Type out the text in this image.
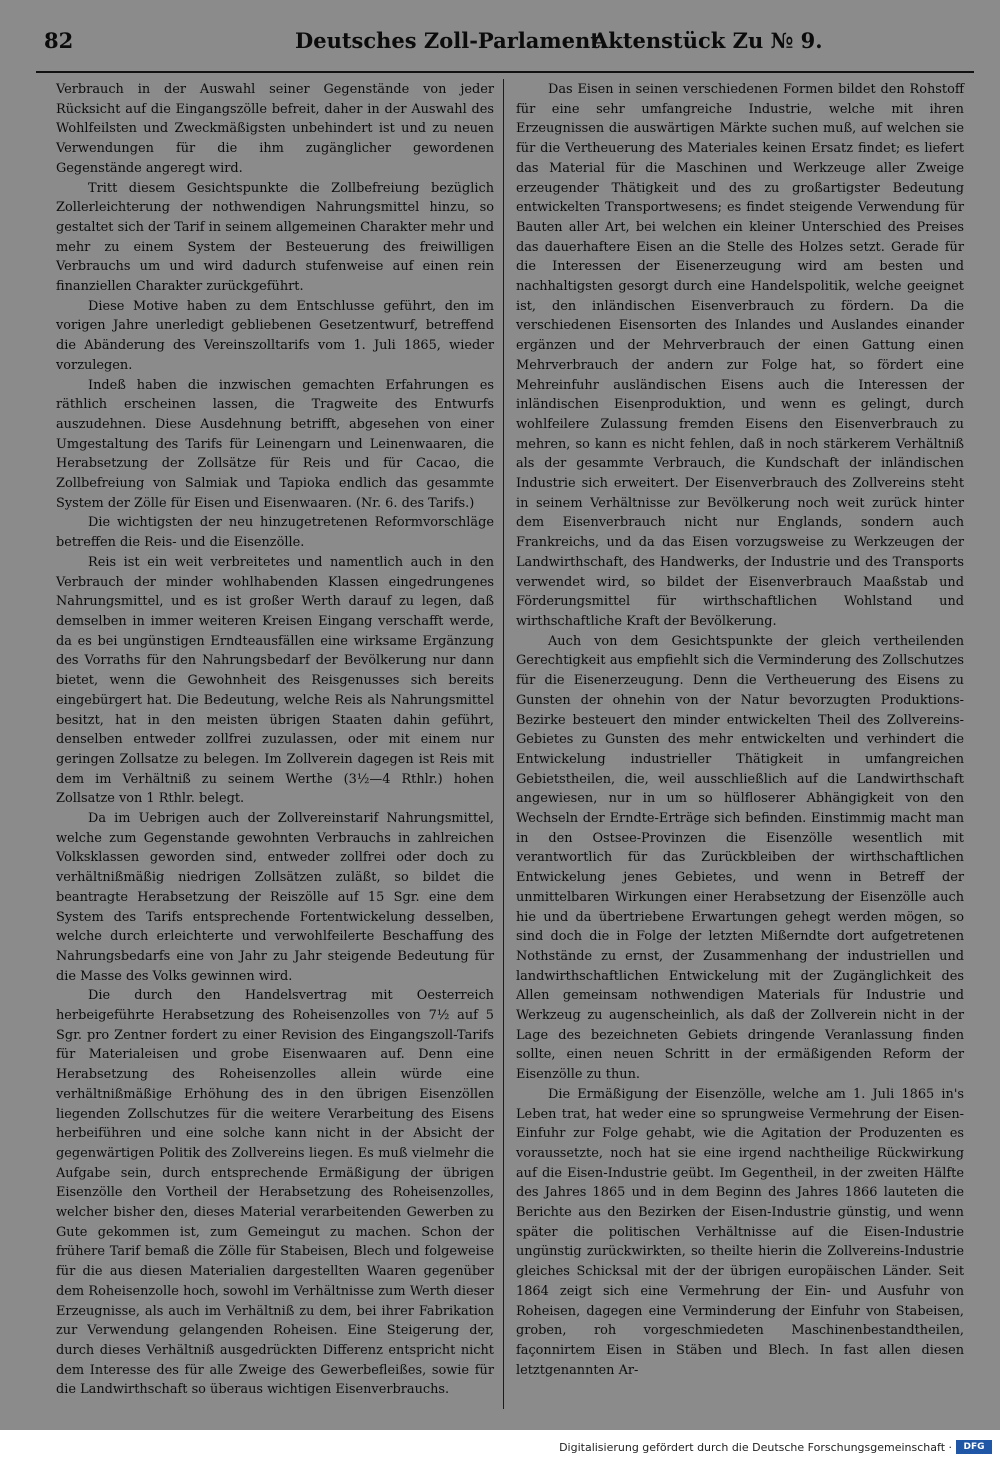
82	Deutsches Zoll-Parlament.
Aktenstück Zu № 9.

Verbrauch in der Auswahl seiner Gegenstände von jeder Rücksicht auf die Eingangszölle befreit, daher in der Auswahl des Wohlfeilsten und Zweckmäßigsten unbehindert ist und zu neuen Verwendungen für die ihm zugänglicher gewordenen Gegenstände angeregt wird.

Tritt diesem Gesichtspunkte die Zollbefreiung bezüglich Zollerleichterung der nothwendigen Nahrungsmittel hinzu, so gestaltet sich der Tarif in seinem allgemeinen Charakter mehr und mehr zu einem System der Besteuerung des freiwilligen Verbrauchs um und wird dadurch stufenweise auf einen rein finanziellen Charakter zurückgeführt.

Diese Motive haben zu dem Entschlusse geführt, den im vorigen Jahre unerledigt gebliebenen Gesetzentwurf, betreffend die Abänderung des Vereinszolltarifs vom 1. Juli 1865, wieder vorzulegen.

Indeß haben die inzwischen gemachten Erfahrungen es räthlich erscheinen lassen, die Tragweite des Entwurfs auszudehnen. Diese Ausdehnung betrifft, abgesehen von einer Umgestaltung des Tarifs für Leinengarn und Leinenwaaren, die Herabsetzung der Zollsätze für Reis und für Cacao, die Zollbefreiung von Salmiak und Tapioka endlich das gesammte System der Zölle für Eisen und Eisenwaaren. (Nr. 6. des Tarifs.)

Die wichtigsten der neu hinzugetretenen Reformvorschläge betreffen die Reis- und die Eisenzölle.

Reis ist ein weit verbreitetes und namentlich auch in den Verbrauch der minder wohlhabenden Klassen eingedrungenes Nahrungsmittel, und es ist großer Werth darauf zu legen, daß demselben in immer weiteren Kreisen Eingang verschafft werde, da es bei ungünstigen Erndteausfällen eine wirksame Ergänzung des Vorraths für den Nahrungsbedarf der Bevölkerung nur dann bietet, wenn die Gewohnheit des Reisgenusses sich bereits eingebürgert hat. Die Bedeutung, welche Reis als Nahrungsmittel besitzt, hat in den meisten übrigen Staaten dahin geführt, denselben entweder zollfrei zuzulassen, oder mit einem nur geringen Zollsatze zu belegen. Im Zollverein dagegen ist Reis mit dem im Verhältniß zu seinem Werthe (3½—4 Rthlr.) hohen Zollsatze von 1 Rthlr. belegt.

Da im Uebrigen auch der Zollvereinstarif Nahrungsmittel, welche zum Gegenstande gewohnten Verbrauchs in zahlreichen Volksklassen geworden sind, entweder zollfrei oder doch zu verhältnißmäßig niedrigen Zollsätzen zuläßt, so bildet die beantragte Herabsetzung der Reiszölle auf 15 Sgr. eine dem System des Tarifs entsprechende Fortentwickelung desselben, welche durch erleichterte und verwohlfeilerte Beschaffung des Nahrungsbedarfs eine von Jahr zu Jahr steigende Bedeutung für die Masse des Volks gewinnen wird.

Die durch den Handelsvertrag mit Oesterreich herbeigeführte Herabsetzung des Roheisenzolles von 7½ auf 5 Sgr. pro Zentner fordert zu einer Revision des Eingangszoll-Tarifs für Materialeisen und grobe Eisenwaaren auf. Denn eine Herabsetzung des Roheisenzolles allein würde eine verhältnißmäßige Erhöhung des in den übrigen Eisenzöllen liegenden Zollschutzes für die weitere Verarbeitung des Eisens herbeiführen und eine solche kann nicht in der Absicht der gegenwärtigen Politik des Zollvereins liegen. Es muß vielmehr die Aufgabe sein, durch entsprechende Ermäßigung der übrigen Eisenzölle den Vortheil der Herabsetzung des Roheisenzolles, welcher bisher den, dieses Material verarbeitenden Gewerben zu Gute gekommen ist, zum Gemeingut zu machen. Schon der frühere Tarif bemaß die Zölle für Stabeisen, Blech und folgeweise für die aus diesen Materialien dargestellten Waaren gegenüber dem Roheisenzolle hoch, sowohl im Verhältnisse zum Werth dieser Erzeugnisse, als auch im Verhältniß zu dem, bei ihrer Fabrikation zur Verwendung gelangenden Roheisen. Eine Steigerung der, durch dieses Verhältniß ausgedrückten Differenz entspricht nicht dem Interesse des für alle Zweige des Gewerbefleißes, sowie für die Landwirthschaft so überaus wichtigen Eisenverbrauchs.

Das Eisen in seinen verschiedenen Formen bildet den Rohstoff für eine sehr umfangreiche Industrie, welche mit ihren Erzeugnissen die auswärtigen Märkte suchen muß, auf welchen sie für die Vertheuerung des Materiales keinen Ersatz findet; es liefert das Material für die Maschinen und Werkzeuge aller Zweige erzeugender Thätigkeit und des zu großartigster Bedeutung entwickelten Transportwesens; es findet steigende Verwendung für Bauten aller Art, bei welchen ein kleiner Unterschied des Preises das dauerhaftere Eisen an die Stelle des Holzes setzt. Gerade für die Interessen der Eisenerzeugung wird am besten und nachhaltigsten gesorgt durch eine Handelspolitik, welche geeignet ist, den inländischen Eisenverbrauch zu fördern. Da die verschiedenen Eisensorten des Inlandes und Auslandes einander ergänzen und der Mehrverbrauch der einen Gattung einen Mehrverbrauch der andern zur Folge hat, so fördert eine Mehreinfuhr ausländischen Eisens auch die Interessen der inländischen Eisenproduktion, und wenn es gelingt, durch wohlfeilere Zulassung fremden Eisens den Eisenverbrauch zu mehren, so kann es nicht fehlen, daß in noch stärkerem Verhältniß als der gesammte Verbrauch, die Kundschaft der inländischen Industrie sich erweitert. Der Eisenverbrauch des Zollvereins steht in seinem Verhältnisse zur Bevölkerung noch weit zurück hinter dem Eisenverbrauch nicht nur Englands, sondern auch Frankreichs, und da das Eisen vorzugsweise zu Werkzeugen der Landwirthschaft, des Handwerks, der Industrie und des Transports verwendet wird, so bildet der Eisenverbrauch Maaßstab und Förderungsmittel für wirthschaftlichen Wohlstand und wirthschaftliche Kraft der Bevölkerung.

Auch von dem Gesichtspunkte der gleich vertheilenden Gerechtigkeit aus empfiehlt sich die Verminderung des Zollschutzes für die Eisenerzeugung. Denn die Vertheuerung des Eisens zu Gunsten der ohnehin von der Natur bevorzugten Produktions-Bezirke besteuert den minder entwickelten Theil des Zollvereins-Gebietes zu Gunsten des mehr entwickelten und verhindert die Entwickelung industrieller Thätigkeit in umfangreichen Gebietstheilen, die, weil ausschließlich auf die Landwirthschaft angewiesen, nur in um so hülfloserer Abhängigkeit von den Wechseln der Erndte-Erträge sich befinden. Einstimmig macht man in den Ostsee-Provinzen die Eisenzölle wesentlich mit verantwortlich für das Zurückbleiben der wirthschaftlichen Entwickelung jenes Gebietes, und wenn in Betreff der unmittelbaren Wirkungen einer Herabsetzung der Eisenzölle auch hie und da übertriebene Erwartungen gehegt werden mögen, so sind doch die in Folge der letzten Mißerndte dort aufgetretenen Nothstände zu ernst, der Zusammenhang der industriellen und landwirthschaftlichen Entwickelung mit der Zugänglichkeit des Allen gemeinsam nothwendigen Materials für Industrie und Werkzeug zu augenscheinlich, als daß der Zollverein nicht in der Lage des bezeichneten Gebiets dringende Veranlassung finden sollte, einen neuen Schritt in der ermäßigenden Reform der Eisenzölle zu thun.

Die Ermäßigung der Eisenzölle, welche am 1. Juli 1865 in's Leben trat, hat weder eine so sprungweise Vermehrung der Eisen-Einfuhr zur Folge gehabt, wie die Agitation der Produzenten es voraussetzte, noch hat sie eine irgend nachtheilige Rückwirkung auf die Eisen-Industrie geübt. Im Gegentheil, in der zweiten Hälfte des Jahres 1865 und in dem Beginn des Jahres 1866 lauteten die Berichte aus den Bezirken der Eisen-Industrie günstig, und wenn später die politischen Verhältnisse auf die Eisen-Industrie ungünstig zurückwirkten, so theilte hierin die Zollvereins-Industrie gleiches Schicksal mit der der übrigen europäischen Länder. Seit 1864 zeigt sich eine Vermehrung der Ein- und Ausfuhr von Roheisen, dagegen eine Verminderung der Einfuhr von Stabeisen, groben, roh vorgeschmiedeten Maschinenbestandtheilen, façonnirtem Eisen in Stäben und Blech. In fast allen diesen letztgenannten Ar-

Digitalisierung gefördert durch die Deutsche Forschungsgemeinschaft ·	DFG
